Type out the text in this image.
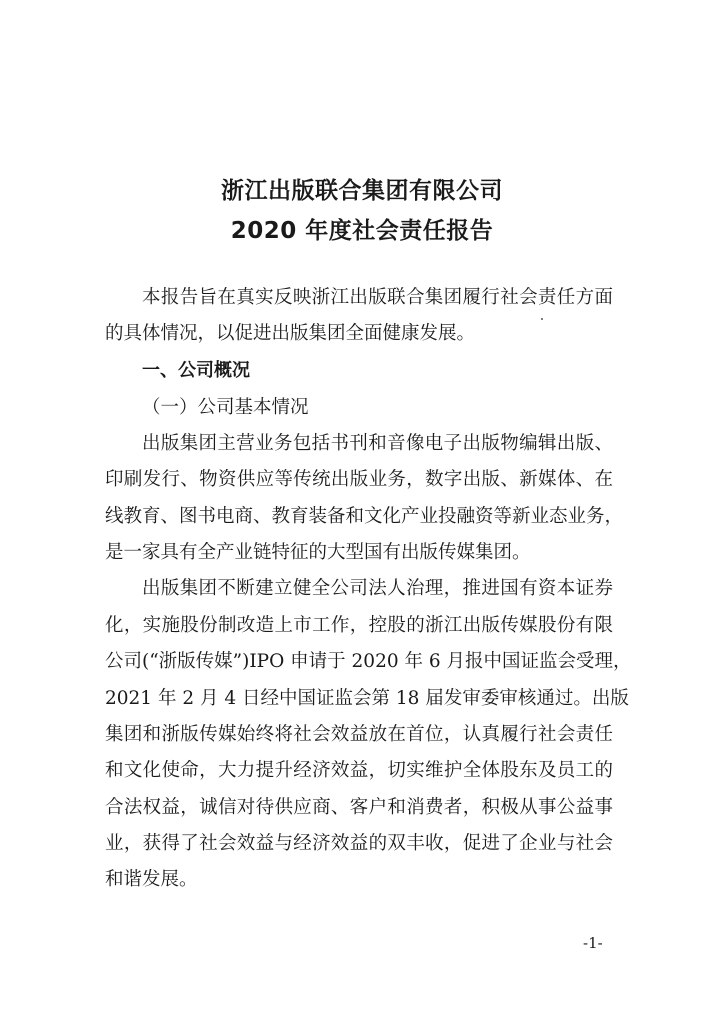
浙江出版联合集团有限公司
2020 年度社会责任报告
本报告旨在真实反映浙江出版联合集团履行社会责任方面
的具体情况，以促进出版集团全面健康发展。
一、公司概况
（一）公司基本情况
出版集团主营业务包括书刊和音像电子出版物编辑出版、
印刷发行、物资供应等传统出版业务，数字出版、新媒体、在
线教育、图书电商、教育装备和文化产业投融资等新业态业务，
是一家具有全产业链特征的大型国有出版传媒集团。
出版集团不断建立健全公司法人治理，推进国有资本证券
化，实施股份制改造上市工作，控股的浙江出版传媒股份有限
公司(“浙版传媒”)IPO 申请于 2020 年 6 月报中国证监会受理，
2021 年 2 月 4 日经中国证监会第 18 届发审委审核通过。出版
集团和浙版传媒始终将社会效益放在首位，认真履行社会责任
和文化使命，大力提升经济效益，切实维护全体股东及员工的
合法权益，诚信对待供应商、客户和消费者，积极从事公益事
业，获得了社会效益与经济效益的双丰收，促进了企业与社会
和谐发展。
-1-
